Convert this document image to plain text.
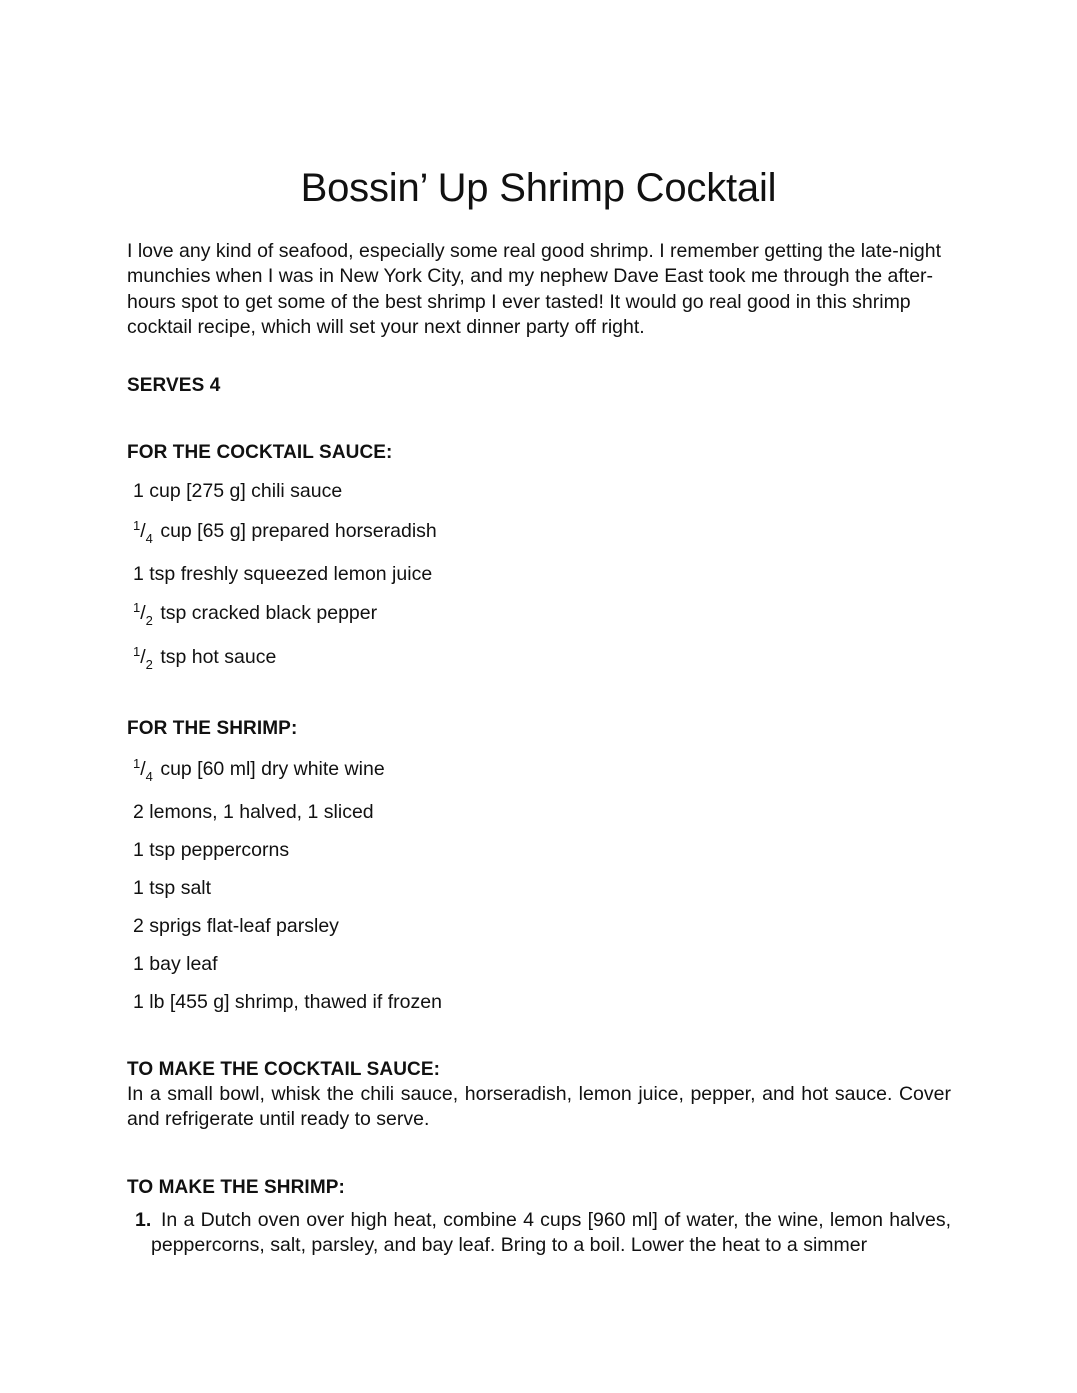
Bossin’ Up Shrimp Cocktail

I love any kind of seafood, especially some real good shrimp. I remember getting the late-night munchies when I was in New York City, and my nephew Dave East took me through the after-hours spot to get some of the best shrimp I ever tasted! It would go real good in this shrimp cocktail recipe, which will set your next dinner party off right.

SERVES 4

FOR THE COCKTAIL SAUCE:

1 cup [275 g] chili sauce

$^1/_4$ cup [65 g] prepared horseradish

1 tsp freshly squeezed lemon juice

$^1/_2$ tsp cracked black pepper

$^1/_2$ tsp hot sauce

FOR THE SHRIMP:

$^1/_4$ cup [60 ml] dry white wine

2 lemons, 1 halved, 1 sliced

1 tsp peppercorns

1 tsp salt

2 sprigs flat-leaf parsley

1 bay leaf

1 lb [455 g] shrimp, thawed if frozen

TO MAKE THE COCKTAIL SAUCE:

In a small bowl, whisk the chili sauce, horseradish, lemon juice, pepper, and hot sauce. Cover and refrigerate until ready to serve.

TO MAKE THE SHRIMP:

1. In a Dutch oven over high heat, combine 4 cups [960 ml] of water, the wine, lemon halves, peppercorns, salt, parsley, and bay leaf. Bring to a boil. Lower the heat to a simmer
